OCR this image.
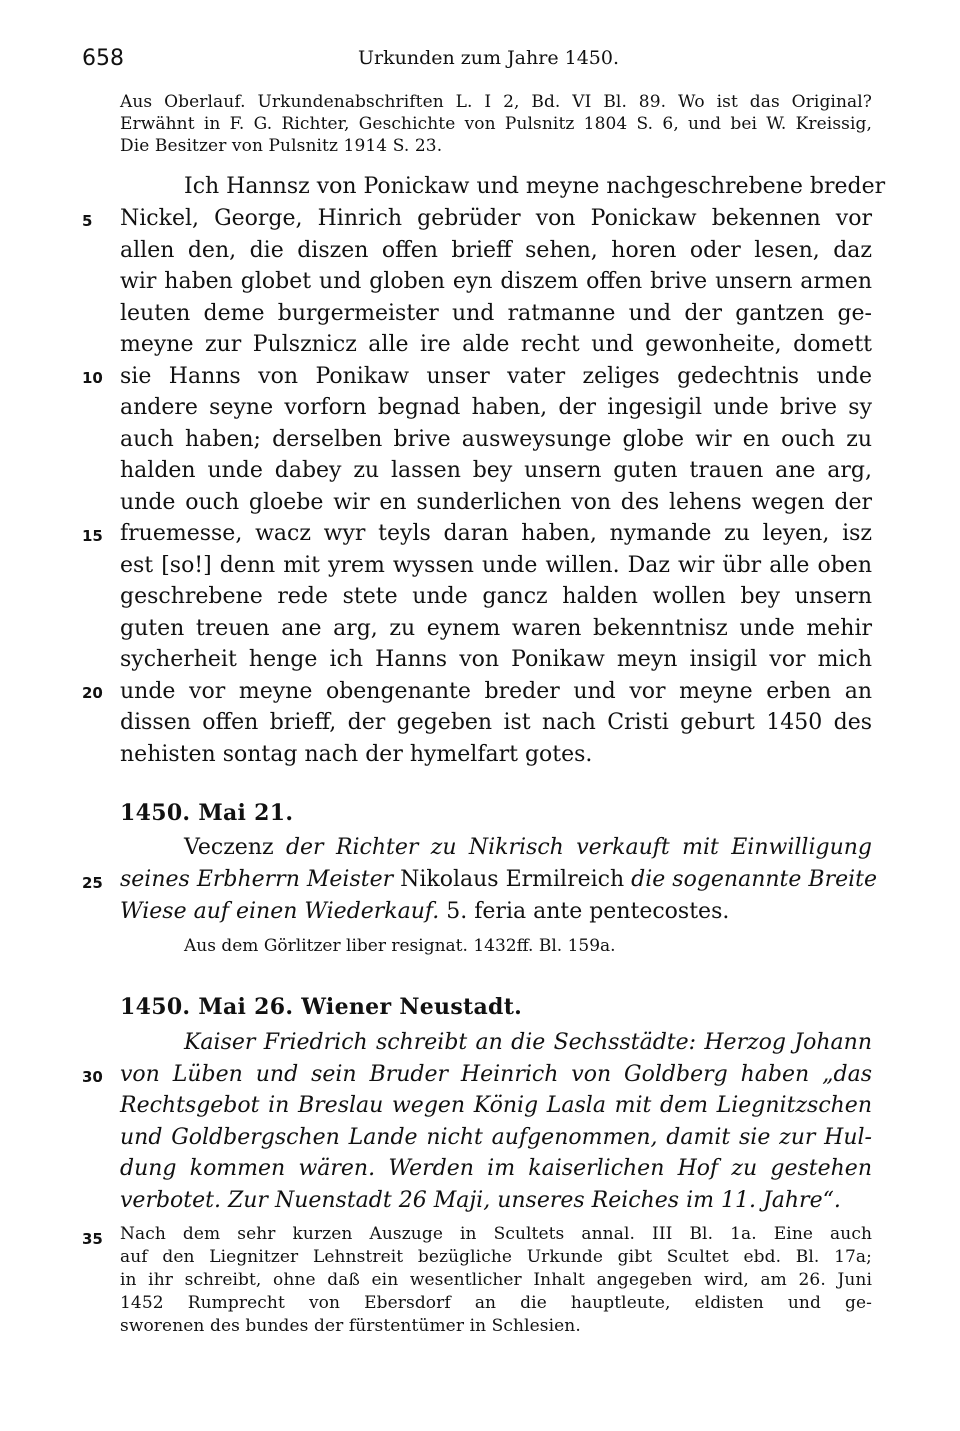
658	Urkunden zum Jahre 1450.
Aus Oberlauf. Urkundenabschriften L. I 2, Bd. VI Bl. 89. Wo ist das Original?
Erwähnt in F. G. Richter, Geschichte von Pulsnitz 1804 S. 6, und bei W. Kreissig,
Die Besitzer von Pulsnitz 1914 S. 23.
Ich Hannsz von Ponickaw und meyne nachgeschrebene breder
Nickel, George, Hinrich gebrüder von Ponickaw bekennen vor
allen den, die diszen offen brieff sehen, horen oder lesen, daz
wir haben globet und globen eyn diszem offen brive unsern armen
leuten deme burgermeister und ratmanne und der gantzen ge-
meyne zur Pulsznicz alle ire alde recht und gewonheite, domett
sie Hanns von Ponikaw unser vater zeliges gedechtnis unde
andere seyne vorforn begnad haben, der ingesigil unde brive sy
auch haben; derselben brive ausweysunge globe wir en ouch zu
halden unde dabey zu lassen bey unsern guten trauen ane arg,
unde ouch gloebe wir en sunderlichen von des lehens wegen der
fruemesse, wacz wyr teyls daran haben, nymande zu leyen, isz
est [so!] denn mit yrem wyssen unde willen. Daz wir übr alle oben
geschrebene rede stete unde gancz halden wollen bey unsern
guten treuen ane arg, zu eynem waren bekenntnisz unde mehir
sycherheit henge ich Hanns von Ponikaw meyn insigil vor mich
unde vor meyne obengenante breder und vor meyne erben an
dissen offen brieff, der gegeben ist nach Cristi geburt 1450 des
nehisten sontag nach der hymelfart gotes.
1450. Mai 21.
Veczenz der Richter zu Nikrisch verkauft mit Einwilligung
seines Erbherrn Meister Nikolaus Ermilreich die sogenannte Breite
Wiese auf einen Wiederkauf. 5. feria ante pentecostes.
Aus dem Görlitzer liber resignat. 1432ff. Bl. 159a.
1450. Mai 26. Wiener Neustadt.
Kaiser Friedrich schreibt an die Sechsstädte: Herzog Johann
von Lüben und sein Bruder Heinrich von Goldberg haben „das
Rechtsgebot in Breslau wegen König Lasla mit dem Liegnitzschen
und Goldbergschen Lande nicht aufgenommen, damit sie zur Hul-
dung kommen wären. Werden im kaiserlichen Hof zu gestehen
verbotet. Zur Nuenstadt 26 Maji, unseres Reiches im 11. Jahre“.
Nach dem sehr kurzen Auszuge in Scultets annal. III Bl. 1a. Eine auch
auf den Liegnitzer Lehnstreit bezügliche Urkunde gibt Scultet ebd. Bl. 17a;
in ihr schreibt, ohne daß ein wesentlicher Inhalt angegeben wird, am 26. Juni
1452 Rumprecht von Ebersdorf an die hauptleute, eldisten und ge-
sworenen des bundes der fürstentümer in Schlesien.
5
10
15
20
25
30
35
